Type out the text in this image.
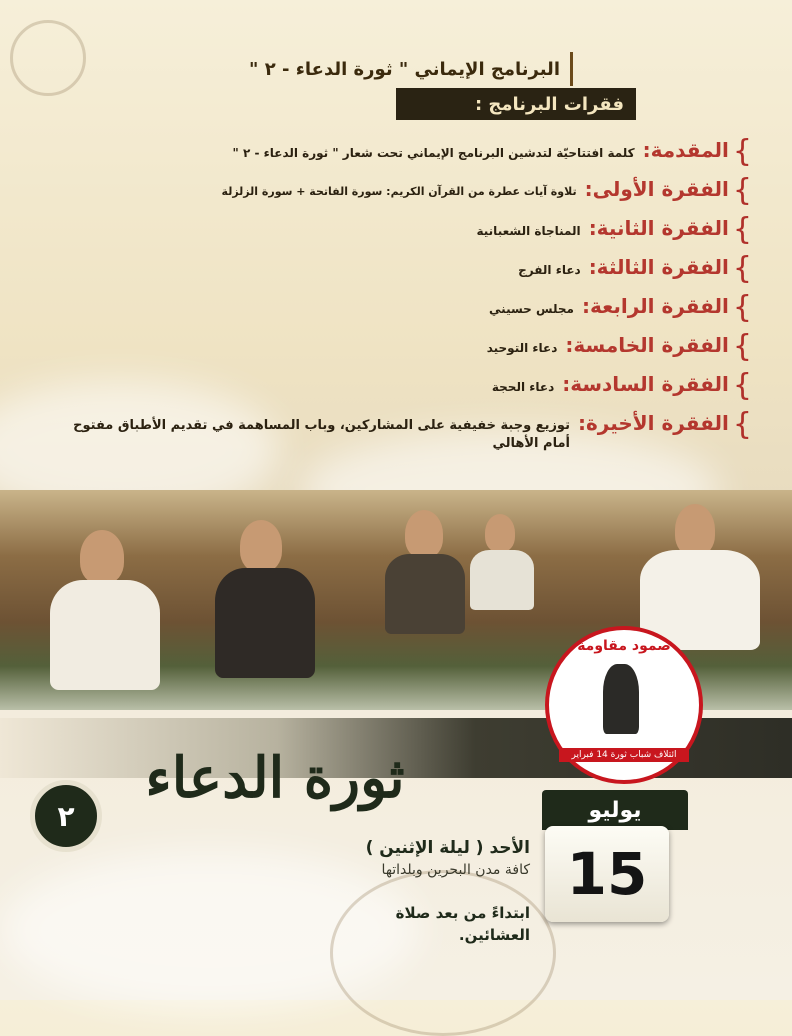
البرنامج الإيماني " ثورة الدعاء - ٢ "
فقرات البرنامج :
{
المقدمة:
كلمة افتتاحيّة لتدشين البرنامج الإيماني تحت شعار " ثورة الدعاء - ٢ "
{
الفقرة الأولى:
تلاوة آيات عطرة من القرآن الكريم: سورة الفاتحة + سورة الزلزلة
{
الفقرة الثانية:
المناجاة الشعبانية
{
الفقرة الثالثة:
دعاء الفرج
{
الفقرة الرابعة:
مجلس حسيني
{
الفقرة الخامسة:
دعاء التوحيد
{
الفقرة السادسة:
دعاء الحجة
{
الفقرة الأخيرة:
توزيع وجبة خفيفية على المشاركين، وباب المساهمة في تقديم الأطباق مفتوح أمام الأهالي
صمود مقاومة
ائتلاف شباب ثورة 14 فبراير
ثورة الدعاء
٢	يوليو
15
الأحد ( ليلة الإثنين )
كافة مدن البحرين وبلداتها
ابتداءً من بعد صلاة العشائين.
